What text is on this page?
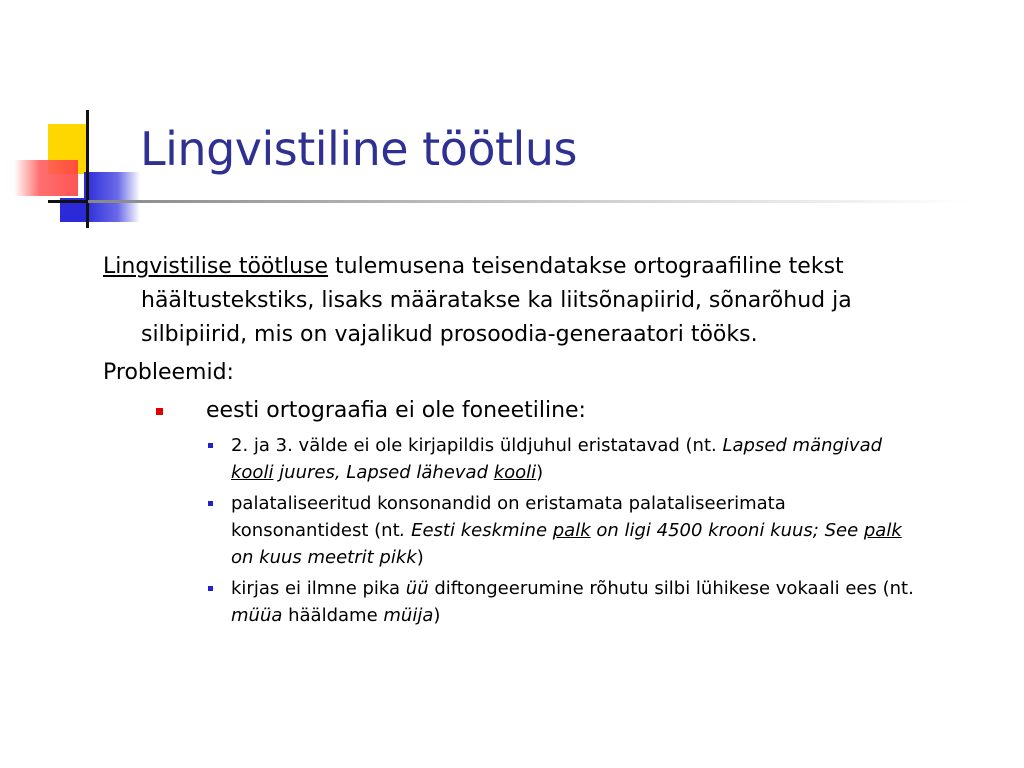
Lingvistiline töötlus

Lingvistilise töötluse tulemusena teisendatakse ortograafiline tekst häältustekstiks, lisaks määratakse ka liitsõnapiirid, sõnarõhud ja silbipiirid, mis on vajalikud prosoodia-generaatori tööks.

Probleemid:

eesti ortograafia ei ole foneetiline:
2. ja 3. välde ei ole kirjapildis üldjuhul eristatavad (nt. Lapsed mängivad kooli juures, Lapsed lähevad kooli)
palataliseeritud konsonandid on eristamata palataliseerimata konsonantidest (nt. Eesti keskmine palk on ligi 4500 krooni kuus; See palk on kuus meetrit pikk)
kirjas ei ilmne pika üü diftongeerumine rõhutu silbi lühikese vokaali ees (nt. müüa hääldame müija)
